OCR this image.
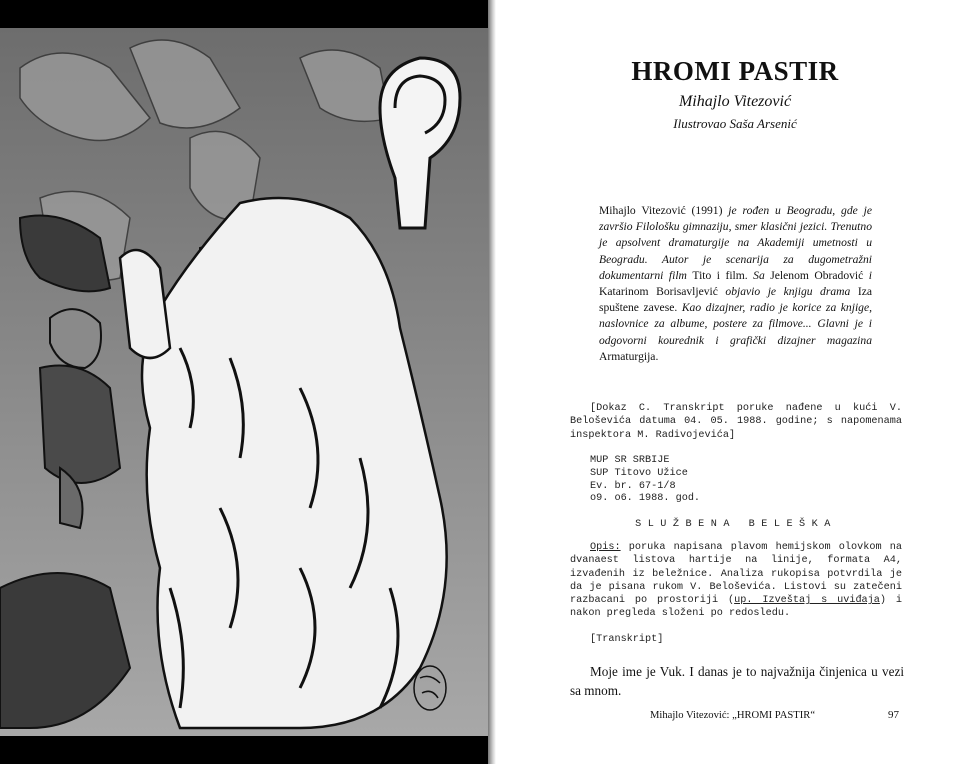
HROMI PASTIR
Mihajlo Vitezović
Ilustrovao Saša Arsenić
Mihajlo Vitezović (1991) je rođen u Beogradu, gde je završio Filološku gimnaziju, smer klasični jezici. Trenutno je apsolvent dramaturgije na Akademiji umetnosti u Beogradu. Autor je scenarija za dugometražni dokumentarni film Tito i film. Sa Jelenom Obradović i Katarinom Borisavljević objavio je knjigu drama Iza spuštene zavese. Kao dizajner, radio je korice za knjige, naslovnice za albume, postere za filmove... Glavni je i odgovorni kourednik i grafički dizajner magazina Armaturgija.
[Dokaz C. Transkript poruke nađene u kući V. Beloševića datuma 04. 05. 1988. godine; s napomenama inspektora M. Radivojevića]
MUP SR SRBIJE
SUP Titovo Užice
Ev. br. 67-1/8
o9. o6. 1988. god.
SLUŽBENA BELEŠKA
Opis: poruka napisana plavom hemijskom olovkom na dvanaest listova hartije na linije, formata A4, izvađenih iz beležnice. Analiza rukopisa potvrdila je da je pisana rukom V. Beloševića. Listovi su zatečeni razbacani po prostoriji (up. Izveštaj s uviđaja) i nakon pregleda složeni po redosledu.
[Transkript]
Moje ime je Vuk. I danas je to najvažnija činjenica u vezi sa mnom.
Mihajlo Vitezović: „HROMI PASTIR“	97
